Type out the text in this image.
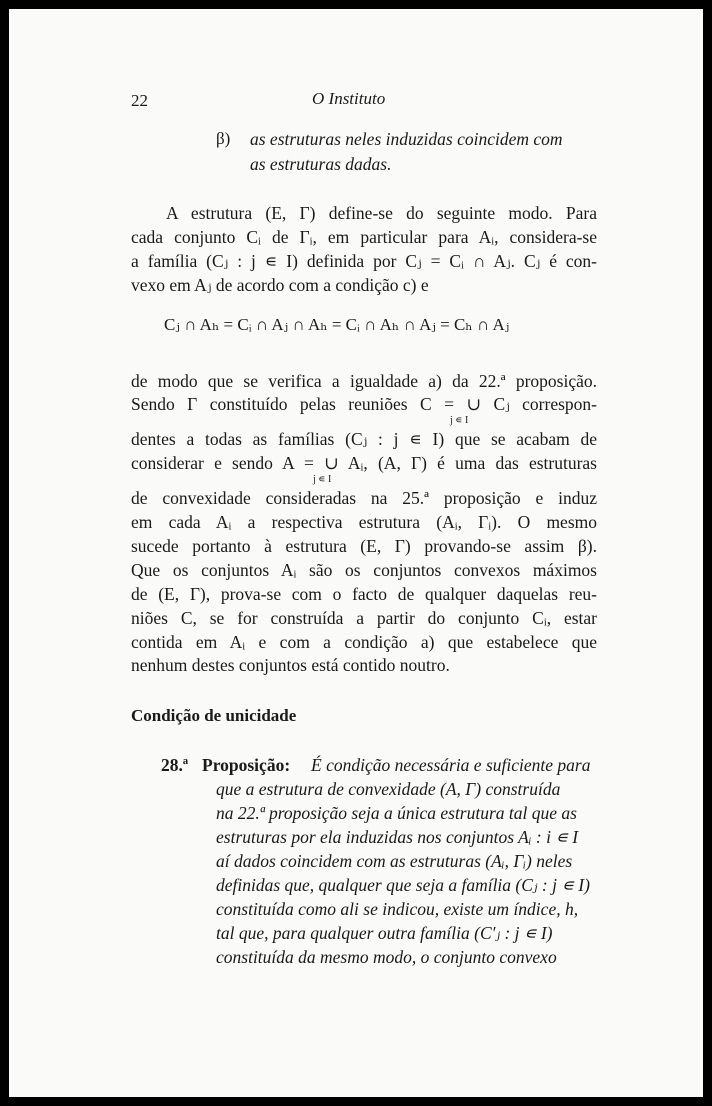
22	O Instituto
β) as estruturas neles induzidas coincidem com
as estruturas dadas.
A estrutura (E, Γ) define-se do seguinte modo. Para
cada conjunto Cᵢ de Γᵢ, em particular para Aᵢ, considera-se
a família (Cⱼ : j ∊ I) definida por Cⱼ = Cᵢ ∩ Aⱼ. Cⱼ é con-
vexo em Aⱼ de acordo com a condição c) e
Cⱼ ∩ Aₕ = Cᵢ ∩ Aⱼ ∩ Aₕ = Cᵢ ∩ Aₕ ∩ Aⱼ = Cₕ ∩ Aⱼ
de modo que se verifica a igualdade a) da 22.ª proposição.
Sendo Γ constituído pelas reuniões C = ∪ Cⱼ correspon-
j ∊ I
dentes a todas as famílias (Cⱼ : j ∊ I) que se acabam de
considerar e sendo A = ∪ Aᵢ, (A, Γ) é uma das estruturas
j ∊ I
de convexidade consideradas na 25.ª proposição e induz
em cada Aᵢ a respectiva estrutura (Aᵢ, Γᵢ). O mesmo
sucede portanto à estrutura (E, Γ) provando-se assim β).
Que os conjuntos Aᵢ são os conjuntos convexos máximos
de (E, Γ), prova-se com o facto de qualquer daquelas reu-
niões C, se for construída a partir do conjunto Cᵢ, estar
contida em Aᵢ e com a condição a) que estabelece que
nenhum destes conjuntos está contido noutro.
Condição de unicidade
28.ª Proposição: É condição necessária e suficiente para
que a estrutura de convexidade (A, Γ) construída
na 22.ª proposição seja a única estrutura tal que as
estruturas por ela induzidas nos conjuntos Aᵢ : i ∊ I
aí dados coincidem com as estruturas (Aᵢ, Γᵢ) neles
definidas que, qualquer que seja a família (Cⱼ : j ∊ I)
constituída como ali se indicou, existe um índice, h,
tal que, para qualquer outra família (C′ⱼ : j ∊ I)
constituída da mesmo modo, o conjunto convexo
